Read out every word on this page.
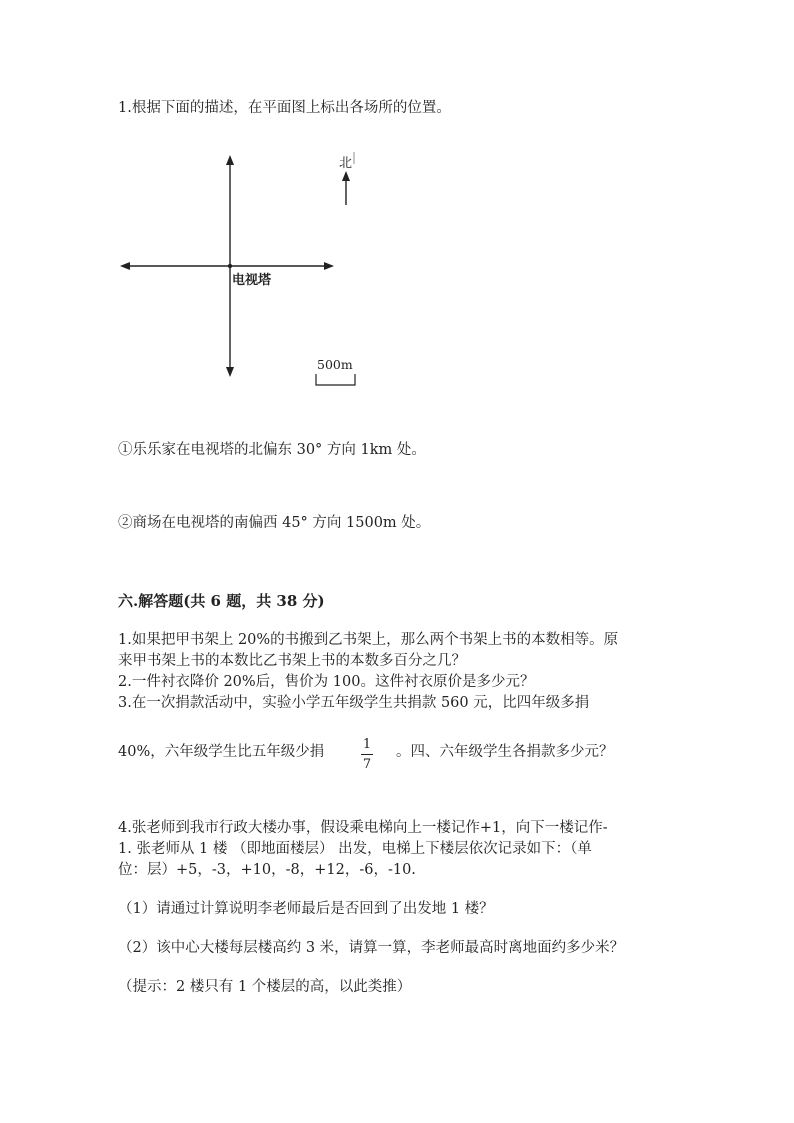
1.根据下面的描述，在平面图上标出各场所的位置。
电视塔
北
500m
①乐乐家在电视塔的北偏东 30° 方向 1km 处。
②商场在电视塔的南偏西 45° 方向 1500m 处。
六.解答题(共 6 题，共 38 分)
1.如果把甲书架上 20%的书搬到乙书架上，那么两个书架上书的本数相等。原
来甲书架上书的本数比乙书架上书的本数多百分之几？
2.一件衬衣降价 20%后，售价为 100。这件衬衣原价是多少元？
3.在一次捐款活动中，实验小学五年级学生共捐款 560 元，比四年级多捐
40%，六年级学生比五年级少捐	1
7
。四、六年级学生各捐款多少元？
4.张老师到我市行政大楼办事，假设乘电梯向上一楼记作+1，向下一楼记作-
1. 张老师从 1 楼 （即地面楼层） 出发，电梯上下楼层依次记录如下：（单
位：层）+5，-3，+10，-8，+12，-6，-10.
（1）请通过计算说明李老师最后是否回到了出发地 1 楼？
（2）该中心大楼每层楼高约 3 米，请算一算，李老师最高时离地面约多少米？
（提示：2 楼只有 1 个楼层的高，以此类推）
